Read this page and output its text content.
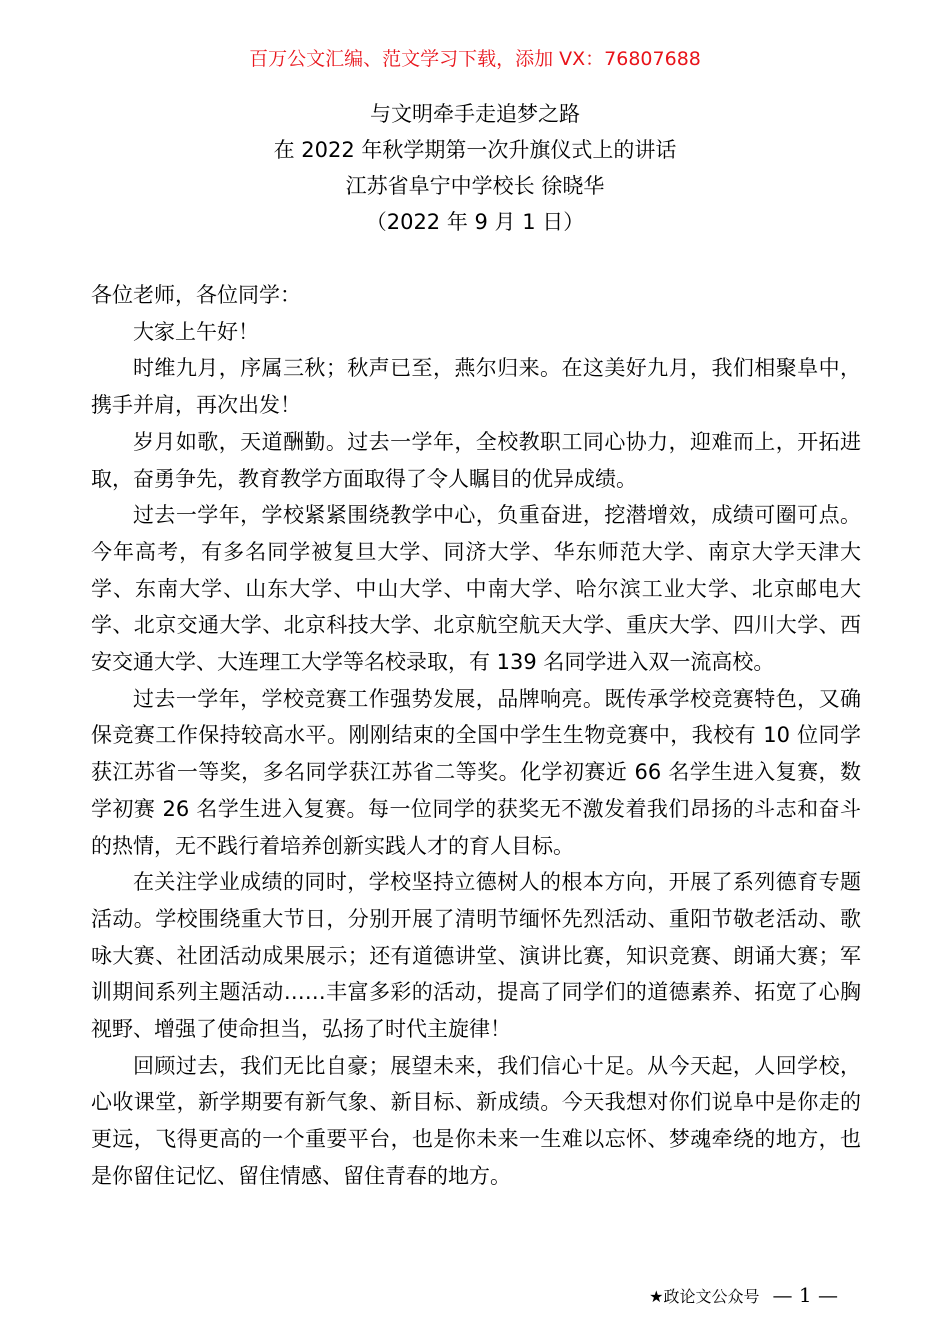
百万公文汇编、范文学习下载，添加 VX：76807688
与文明牵手走追梦之路
在 2022 年秋学期第一次升旗仪式上的讲话
江苏省阜宁中学校长 徐晓华
（2022 年 9 月 1 日）

各位老师，各位同学：

大家上午好！

时维九月，序属三秋；秋声已至，燕尔归来。在这美好九月，我们相聚阜中，携手并肩，再次出发！

岁月如歌，天道酬勤。过去一学年，全校教职工同心协力，迎难而上，开拓进取，奋勇争先，教育教学方面取得了令人瞩目的优异成绩。

过去一学年，学校紧紧围绕教学中心，负重奋进，挖潜增效，成绩可圈可点。今年高考，有多名同学被复旦大学、同济大学、华东师范大学、南京大学天津大学、东南大学、山东大学、中山大学、中南大学、哈尔滨工业大学、北京邮电大学、北京交通大学、北京科技大学、北京航空航天大学、重庆大学、四川大学、西安交通大学、大连理工大学等名校录取，有 139 名同学进入双一流高校。

过去一学年，学校竞赛工作强势发展，品牌响亮。既传承学校竞赛特色，又确保竞赛工作保持较高水平。刚刚结束的全国中学生生物竞赛中，我校有 10 位同学获江苏省一等奖，多名同学获江苏省二等奖。化学初赛近 66 名学生进入复赛，数学初赛 26 名学生进入复赛。每一位同学的获奖无不激发着我们昂扬的斗志和奋斗的热情，无不践行着培养创新实践人才的育人目标。

在关注学业成绩的同时，学校坚持立德树人的根本方向，开展了系列德育专题活动。学校围绕重大节日，分别开展了清明节缅怀先烈活动、重阳节敬老活动、歌咏大赛、社团活动成果展示；还有道德讲堂、演讲比赛，知识竞赛、朗诵大赛；军训期间系列主题活动……丰富多彩的活动，提高了同学们的道德素养、拓宽了心胸视野、增强了使命担当，弘扬了时代主旋律！

回顾过去，我们无比自豪；展望未来，我们信心十足。从今天起，人回学校，心收课堂，新学期要有新气象、新目标、新成绩。今天我想对你们说阜中是你走的更远，飞得更高的一个重要平台，也是你未来一生难以忘怀、梦魂牵绕的地方，也是你留住记忆、留住情感、留住青春的地方。

★政论文公众号 — 1 —
